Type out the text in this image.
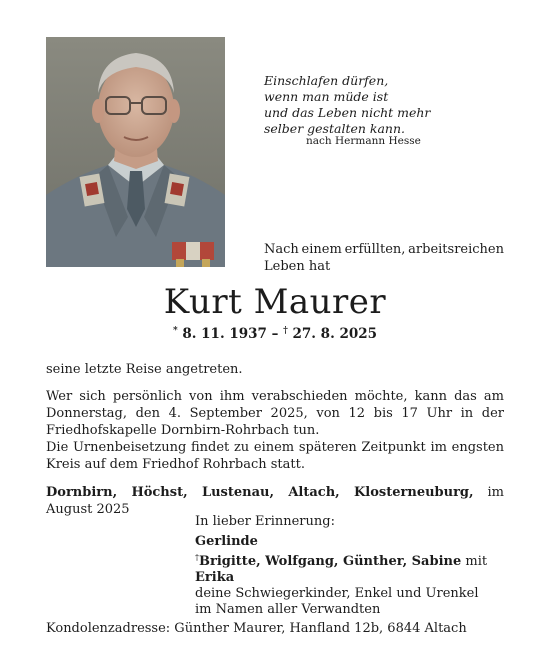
Einschlafen dürfen,
wenn man müde ist
und das Leben nicht mehr
selber gestalten kann.
nach Hermann Hesse
Nach einem erfüllten, arbeitsreichen
Leben hat
Kurt Maurer
* 8. 11. 1937 – † 27. 8. 2025
seine letzte Reise angetreten.
Wer sich persönlich von ihm verabschieden möchte, kann das am Donnerstag, den 4. September 2025, von 12 bis 17 Uhr in der Friedhofskapelle Dornbirn-Rohrbach tun.
Die Urnenbeisetzung findet zu einem späteren Zeitpunkt im engsten Kreis auf dem Friedhof Rohrbach statt.
Dornbirn, Höchst, Lustenau, Altach, Klosterneuburg, im August 2025
In lieber Erinnerung:
Gerlinde
†Brigitte, Wolfgang, Günther, Sabine mit Erika
deine Schwiegerkinder, Enkel und Urenkel
im Namen aller Verwandten
Kondolenzadresse: Günther Maurer, Hanfland 12b, 6844 Altach
